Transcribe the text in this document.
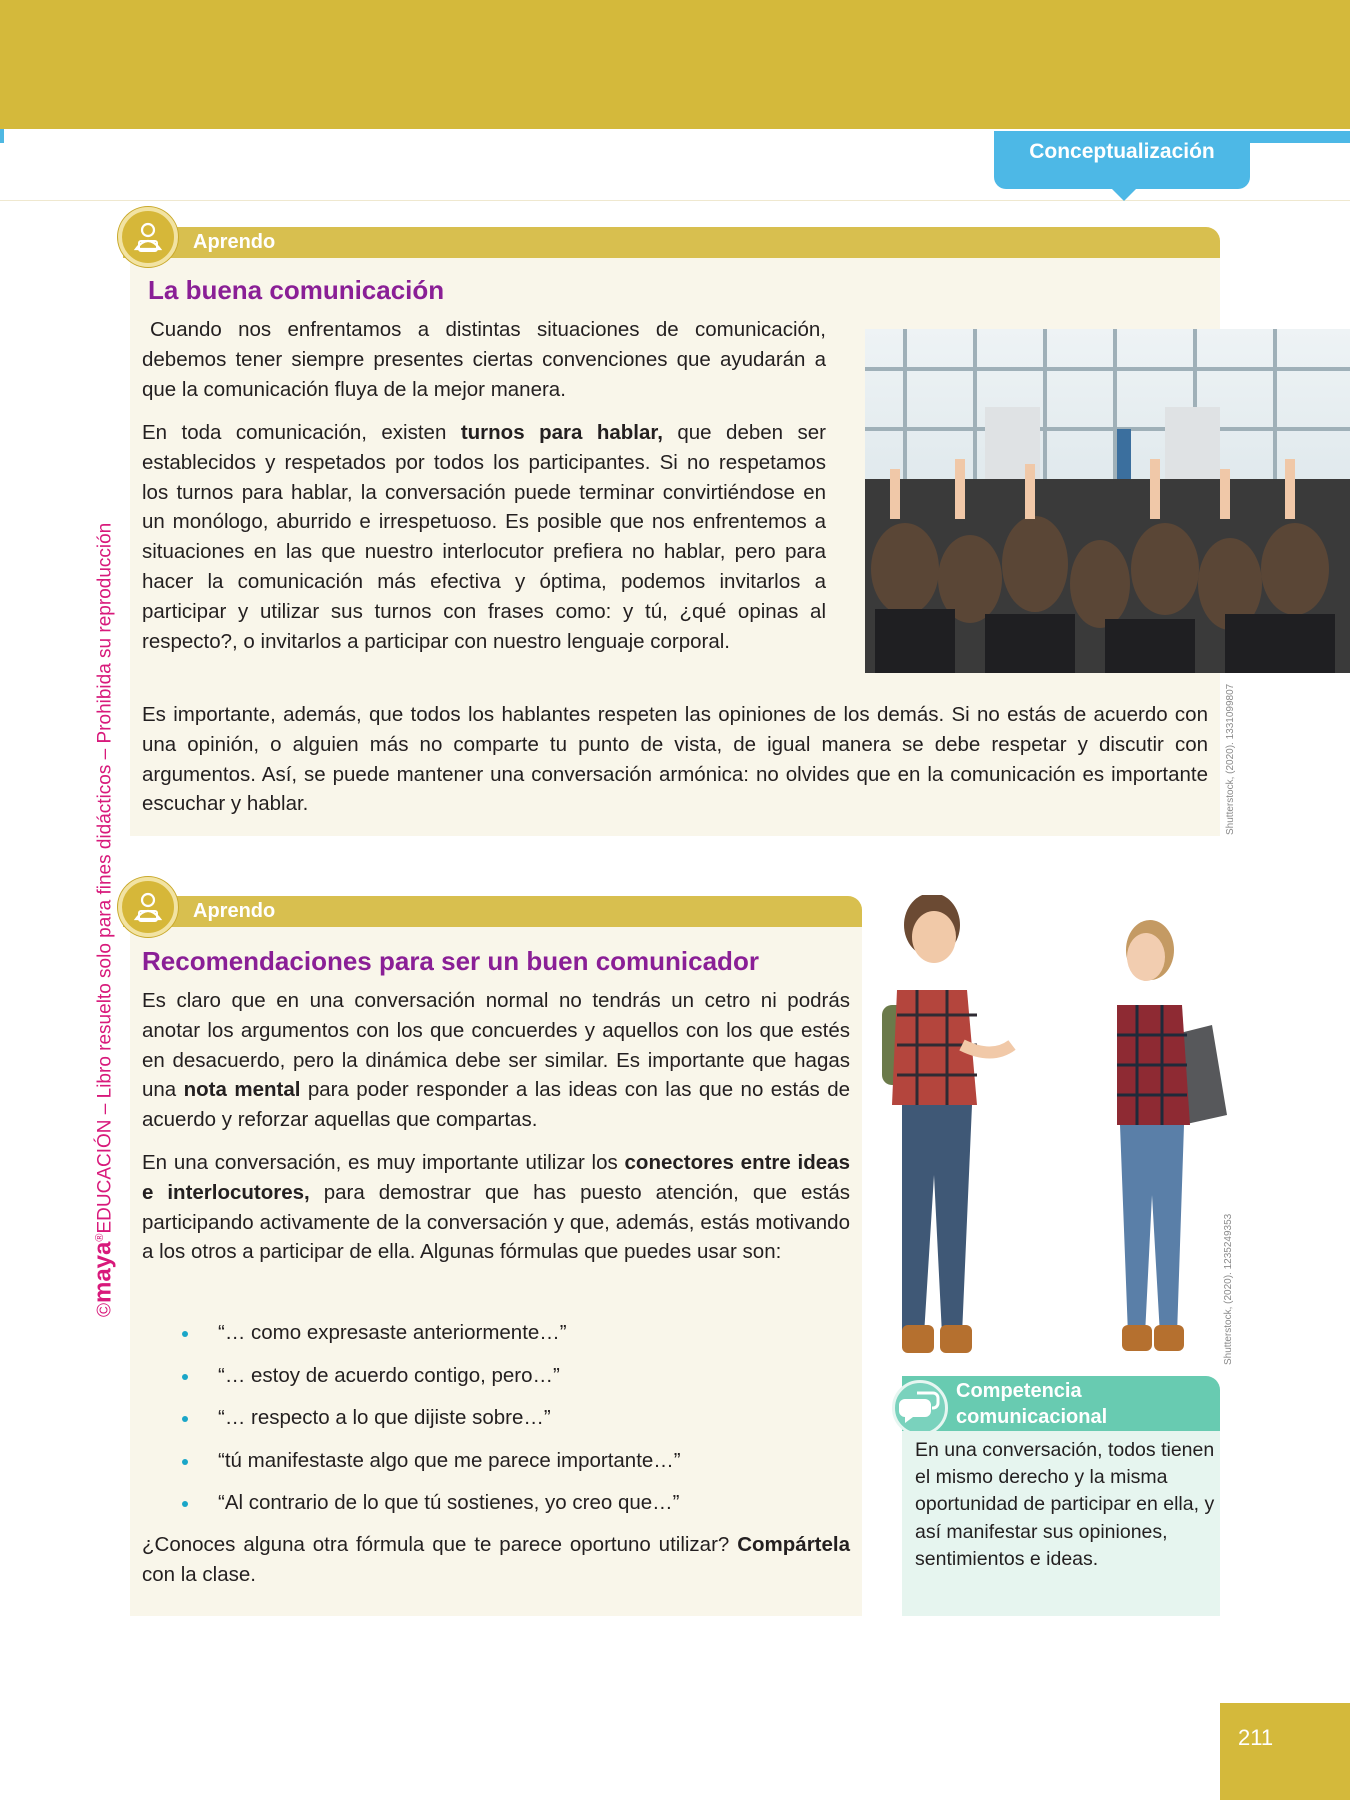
Conceptualización
©maya®EDUCACIÓN – Libro resuelto solo para fines didácticos – Prohibida su reproducción
Aprendo
La buena comunicación
Cuando nos enfrentamos a distintas situaciones de comunicación, debemos tener siempre presentes ciertas convenciones que ayudarán a que la comunicación fluya de la mejor manera.
En toda comunicación, existen turnos para hablar, que deben ser establecidos y respetados por todos los participantes. Si no respetamos los turnos para hablar, la conversación puede terminar convirtiéndose en un monólogo, aburrido e irrespetuoso. Es posible que nos enfrentemos a situaciones en las que nuestro interlocutor prefiera no hablar, pero para hacer la comunicación más efectiva y óptima, podemos invitarlos a participar y utilizar sus turnos con frases como: y tú, ¿qué opinas al respecto?, o invitarlos a participar con nuestro lenguaje corporal.
Shutterstock, (2020). 1331099807
Es importante, además, que todos los hablantes respeten las opiniones de los demás. Si no estás de acuerdo con una opinión, o alguien más no comparte tu punto de vista, de igual manera se debe respetar y discutir con argumentos. Así, se puede mantener una conversación armónica: no olvides que en la comunicación es importante escuchar y hablar.
Aprendo
Recomendaciones para ser un buen comunicador
Es claro que en una conversación normal no tendrás un cetro ni podrás anotar los argumentos con los que concuerdes y aquellos con los que estés en desacuerdo, pero la dinámica debe ser similar. Es importante que hagas una nota mental para poder responder a las ideas con las que no estás de acuerdo y reforzar aquellas que compartas.
En una conversación, es muy importante utilizar los conectores entre ideas e interlocutores, para demostrar que has puesto atención, que estás participando activamente de la conversación y que, además, estás motivando a los otros a participar de ella. Algunas fórmulas que puedes usar son:
“… como expresaste anteriormente…”
“… estoy de acuerdo contigo, pero…”
“… respecto a lo que dijiste sobre…”
“tú manifestaste algo que me parece importante…”
“Al contrario de lo que tú sostienes, yo creo que…”
¿Conoces alguna otra fórmula que te parece oportuno utilizar? Compártela con la clase.
Shutterstock, (2020). 1235249353
Competencia
comunicacional
En una conversación, todos tienen el mismo derecho y la misma oportunidad de participar en ella, y así manifestar sus opiniones, sentimientos e ideas.
211
